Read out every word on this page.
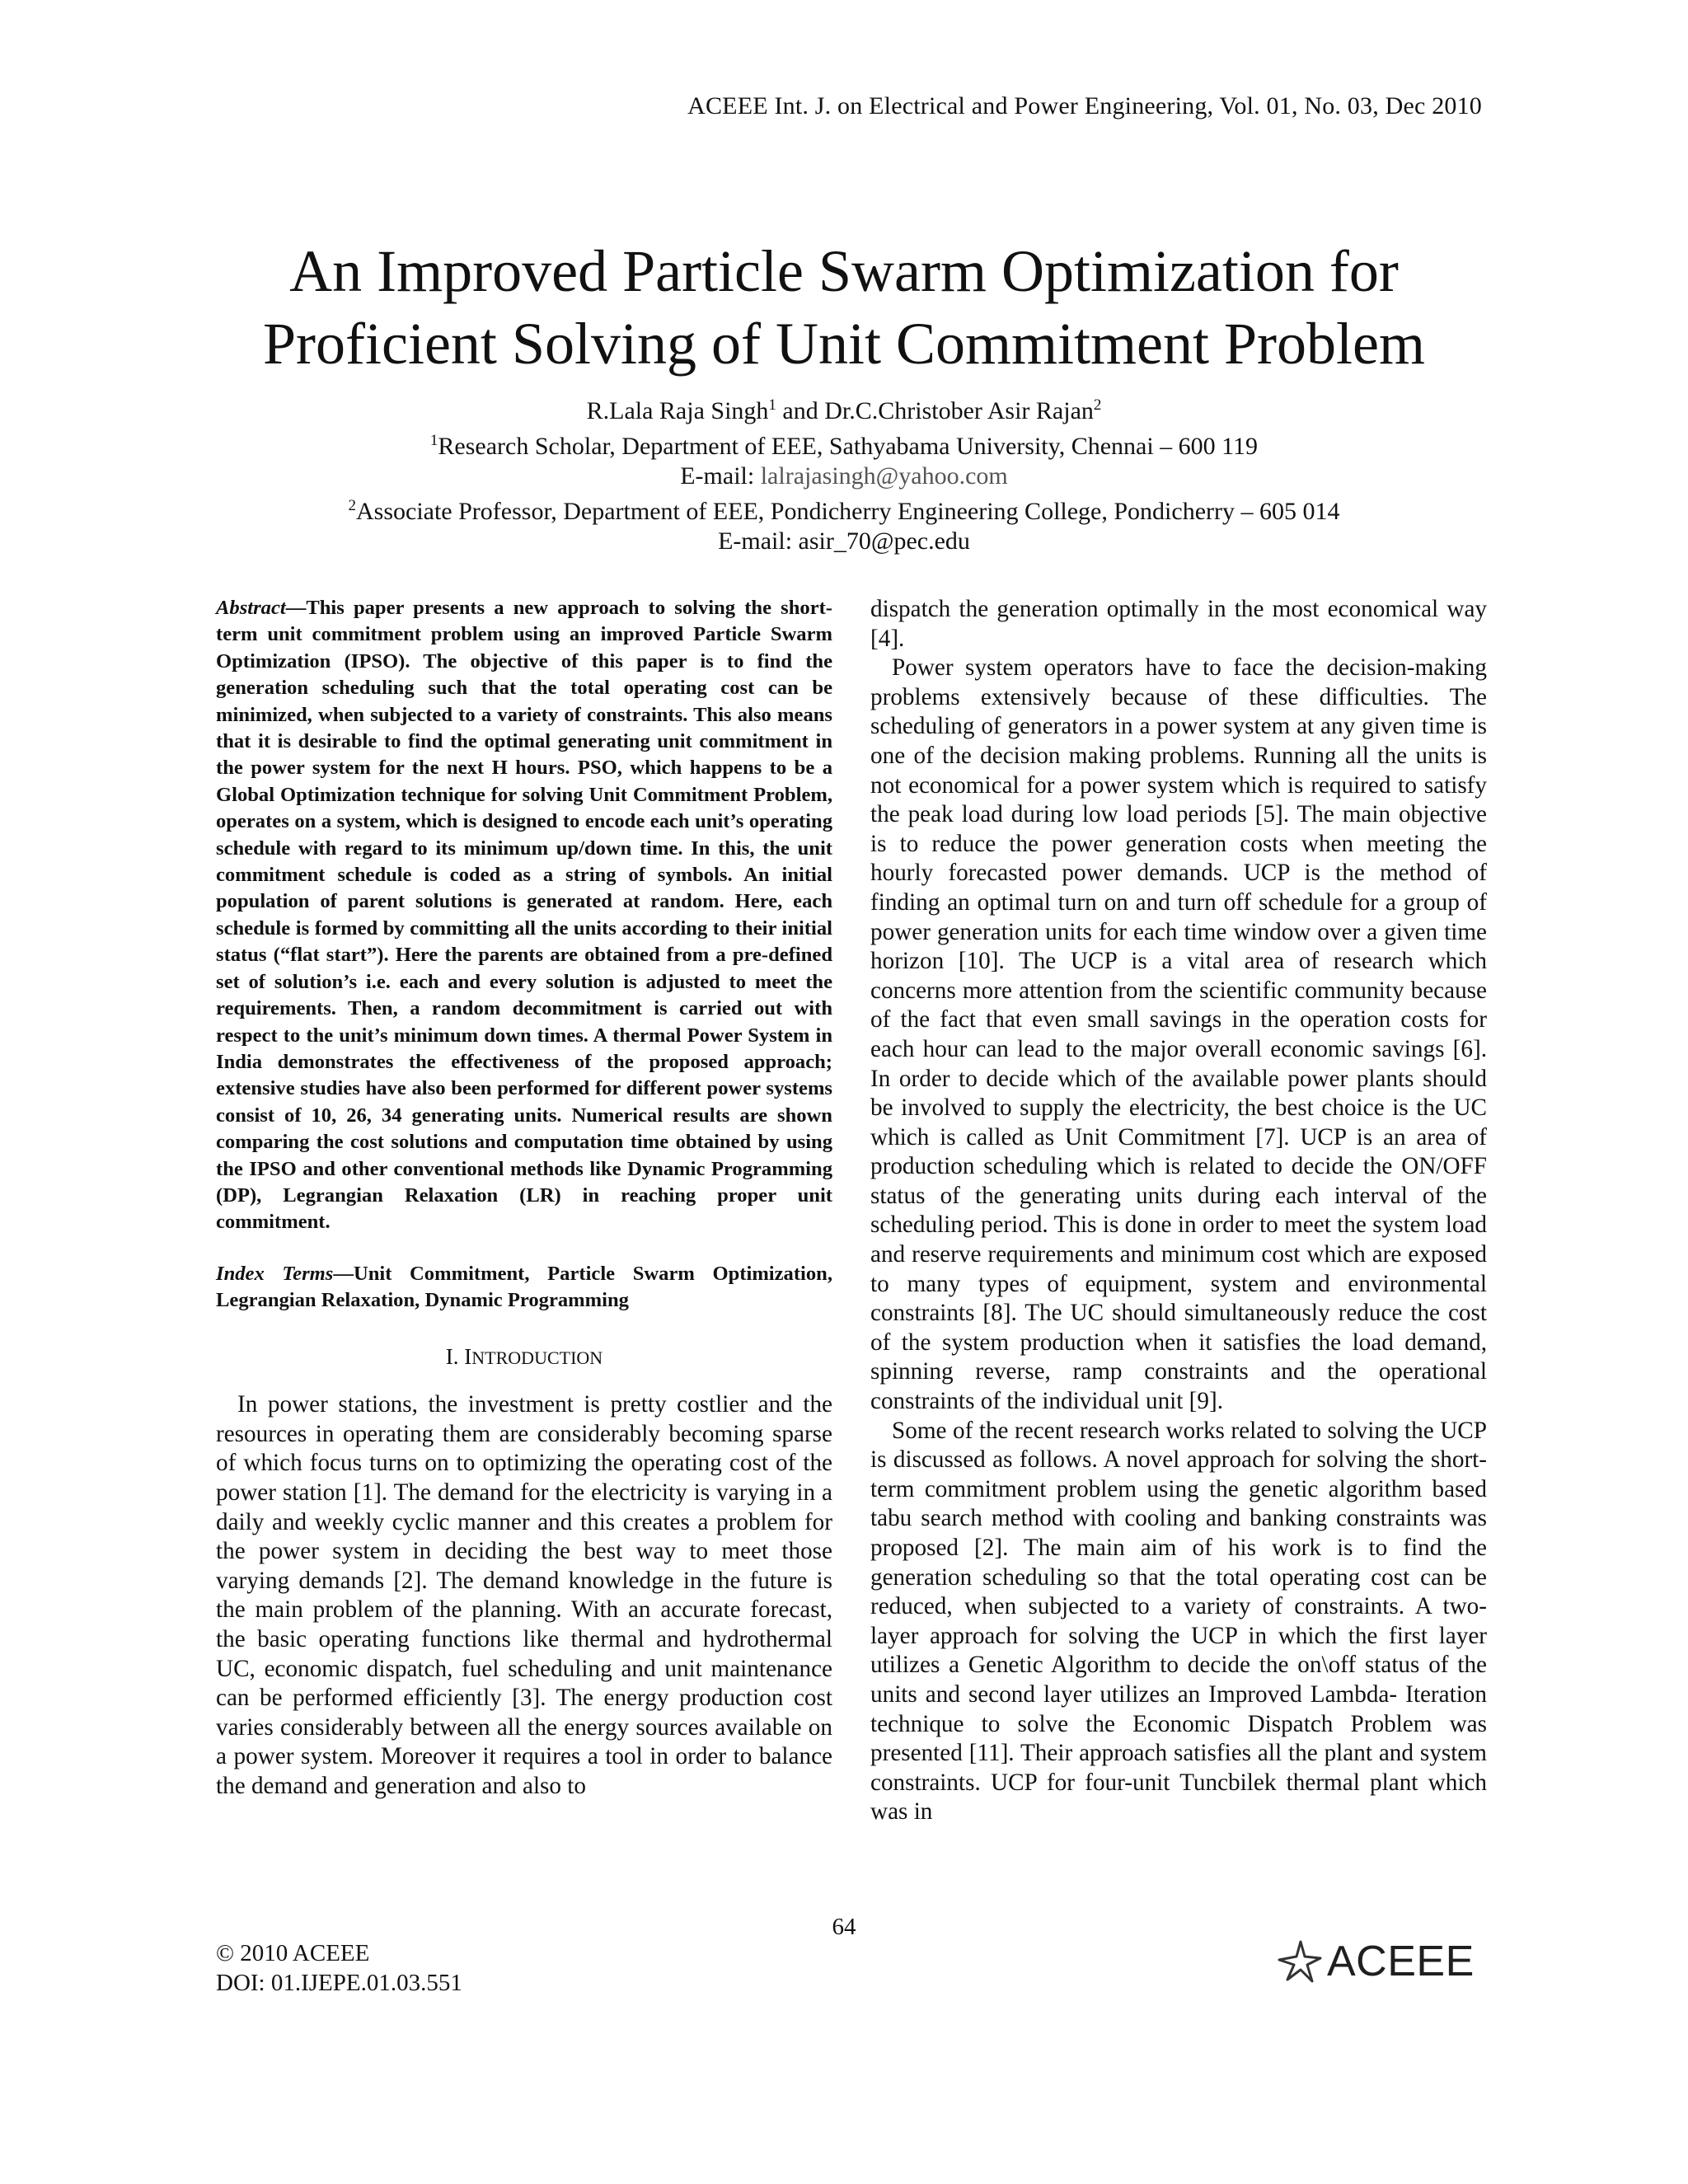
ACEEE Int. J. on Electrical and Power Engineering, Vol. 01, No. 03, Dec 2010
An Improved Particle Swarm Optimization for
Proficient Solving of Unit Commitment Problem
R.Lala Raja Singh$^1$ and Dr.C.Christober Asir Rajan$^2$
$^1$Research Scholar, Department of EEE, Sathyabama University, Chennai – 600 119
E-mail: lalrajasingh@yahoo.com
$^2$Associate Professor, Department of EEE, Pondicherry Engineering College, Pondicherry – 605 014
E-mail: asir_70@pec.edu

Abstract—This paper presents a new approach to solving the short-term unit commitment problem using an improved Particle Swarm Optimization (IPSO). The objective of this paper is to find the generation scheduling such that the total operating cost can be minimized, when subjected to a variety of constraints. This also means that it is desirable to find the optimal generating unit commitment in the power system for the next H hours. PSO, which happens to be a Global Optimization technique for solving Unit Commitment Problem, operates on a system, which is designed to encode each unit’s operating schedule with regard to its minimum up/down time. In this, the unit commitment schedule is coded as a string of symbols. An initial population of parent solutions is generated at random. Here, each schedule is formed by committing all the units according to their initial status (“flat start”). Here the parents are obtained from a pre-defined set of solution’s i.e. each and every solution is adjusted to meet the requirements. Then, a random decommitment is carried out with respect to the unit’s minimum down times. A thermal Power System in India demonstrates the effectiveness of the proposed approach; extensive studies have also been performed for different power systems consist of 10, 26, 34 generating units. Numerical results are shown comparing the cost solutions and computation time obtained by using the IPSO and other conventional methods like Dynamic Programming (DP), Legrangian Relaxation (LR) in reaching proper unit commitment.

Index Terms—Unit Commitment, Particle Swarm Optimization, Legrangian Relaxation, Dynamic Programming

I. INTRODUCTION

In power stations, the investment is pretty costlier and the resources in operating them are considerably becoming sparse of which focus turns on to optimizing the operating cost of the power station [1]. The demand for the electricity is varying in a daily and weekly cyclic manner and this creates a problem for the power system in deciding the best way to meet those varying demands [2]. The demand knowledge in the future is the main problem of the planning. With an accurate forecast, the basic operating functions like thermal and hydrothermal UC, economic dispatch, fuel scheduling and unit maintenance can be performed efficiently [3]. The energy production cost varies considerably between all the energy sources available on a power system. Moreover it requires a tool in order to balance the demand and generation and also to

dispatch the generation optimally in the most economical way [4].

Power system operators have to face the decision-making problems extensively because of these difficulties. The scheduling of generators in a power system at any given time is one of the decision making problems. Running all the units is not economical for a power system which is required to satisfy the peak load during low load periods [5]. The main objective is to reduce the power generation costs when meeting the hourly forecasted power demands. UCP is the method of finding an optimal turn on and turn off schedule for a group of power generation units for each time window over a given time horizon [10]. The UCP is a vital area of research which concerns more attention from the scientific community because of the fact that even small savings in the operation costs for each hour can lead to the major overall economic savings [6]. In order to decide which of the available power plants should be involved to supply the electricity, the best choice is the UC which is called as Unit Commitment [7]. UCP is an area of production scheduling which is related to decide the ON/OFF status of the generating units during each interval of the scheduling period. This is done in order to meet the system load and reserve requirements and minimum cost which are exposed to many types of equipment, system and environmental constraints [8]. The UC should simultaneously reduce the cost of the system production when it satisfies the load demand, spinning reverse, ramp constraints and the operational constraints of the individual unit [9].

Some of the recent research works related to solving the UCP is discussed as follows. A novel approach for solving the short- term commitment problem using the genetic algorithm based tabu search method with cooling and banking constraints was proposed [2]. The main aim of his work is to find the generation scheduling so that the total operating cost can be reduced, when subjected to a variety of constraints. A two- layer approach for solving the UCP in which the first layer utilizes a Genetic Algorithm to decide the on\off status of the units and second layer utilizes an Improved Lambda- Iteration technique to solve the Economic Dispatch Problem was presented [11]. Their approach satisfies all the plant and system constraints. UCP for four-unit Tuncbilek thermal plant which was in

64
© 2010 ACEEE
DOI: 01.IJEPE.01.03.551	ACEEE
